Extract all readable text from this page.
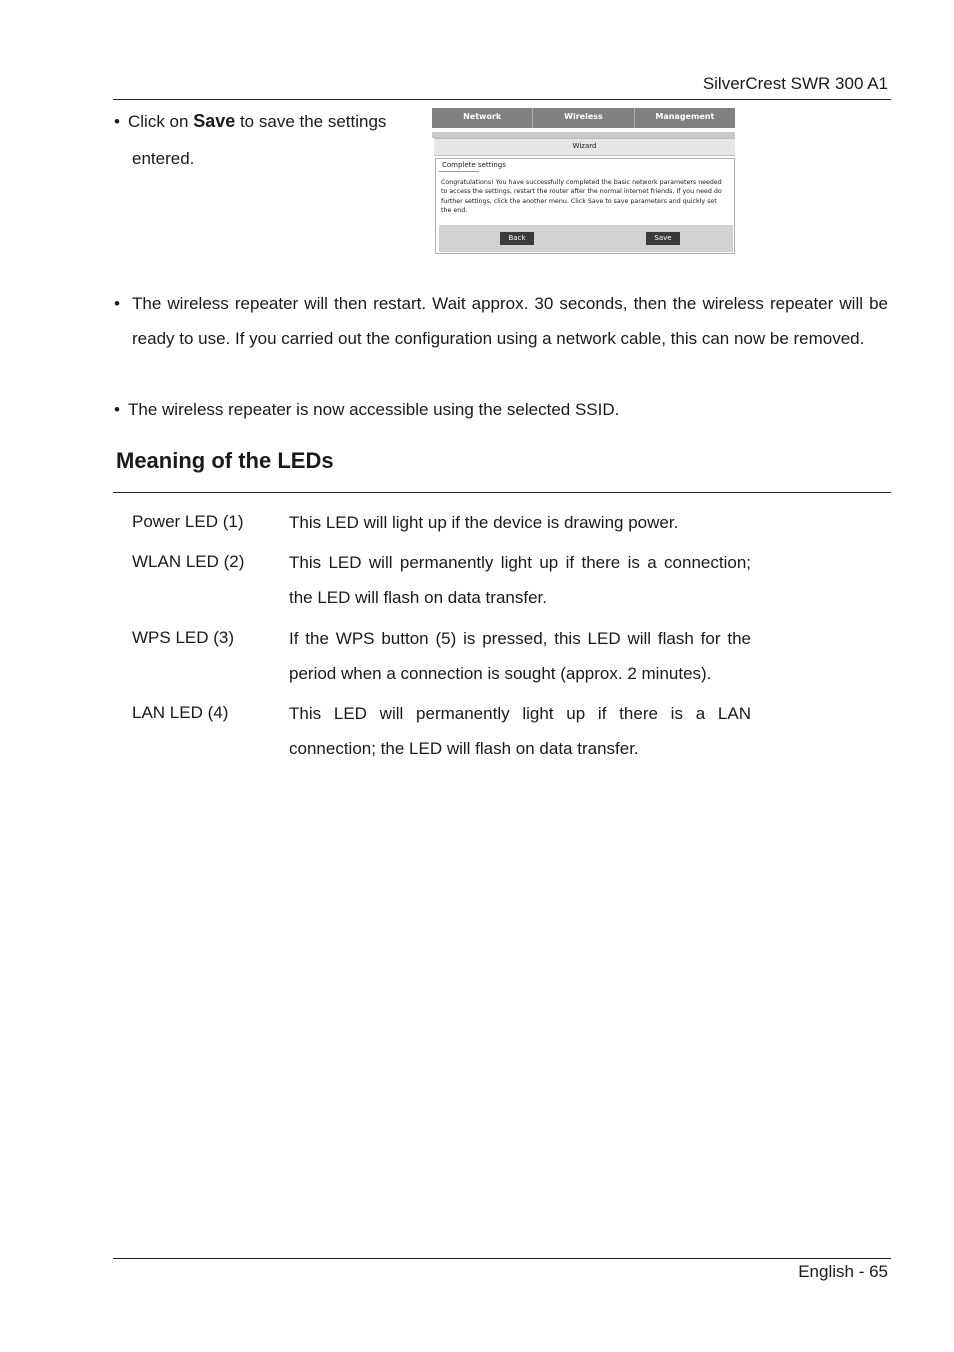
SilverCrest SWR 300 A1
• Click on Save to save the settings
entered.
Network	Wireless	Management
Wizard
Complete settings
Congratulations! You have successfully completed the basic network parameters needed to access the settings, restart the router after the normal internet friends. If you need do further settings, click the another menu. Click Save to save parameters and quickly set the end.
Back	Save
• The wireless repeater will then restart. Wait approx. 30 seconds, then the wireless repeater will be ready to use. If you carried out the configuration using a network cable, this can now be removed.
• The wireless repeater is now accessible using the selected SSID.
Meaning of the LEDs
Power LED (1)	This LED will light up if the device is drawing power.
WLAN LED (2)	This LED will permanently light up if there is a connection; the LED will flash on data transfer.
WPS LED (3)	If the WPS button (5) is pressed, this LED will flash for the period when a connection is sought (approx. 2 minutes).
LAN LED (4)	This LED will permanently light up if there is a LAN connection; the LED will flash on data transfer.
English - 65
